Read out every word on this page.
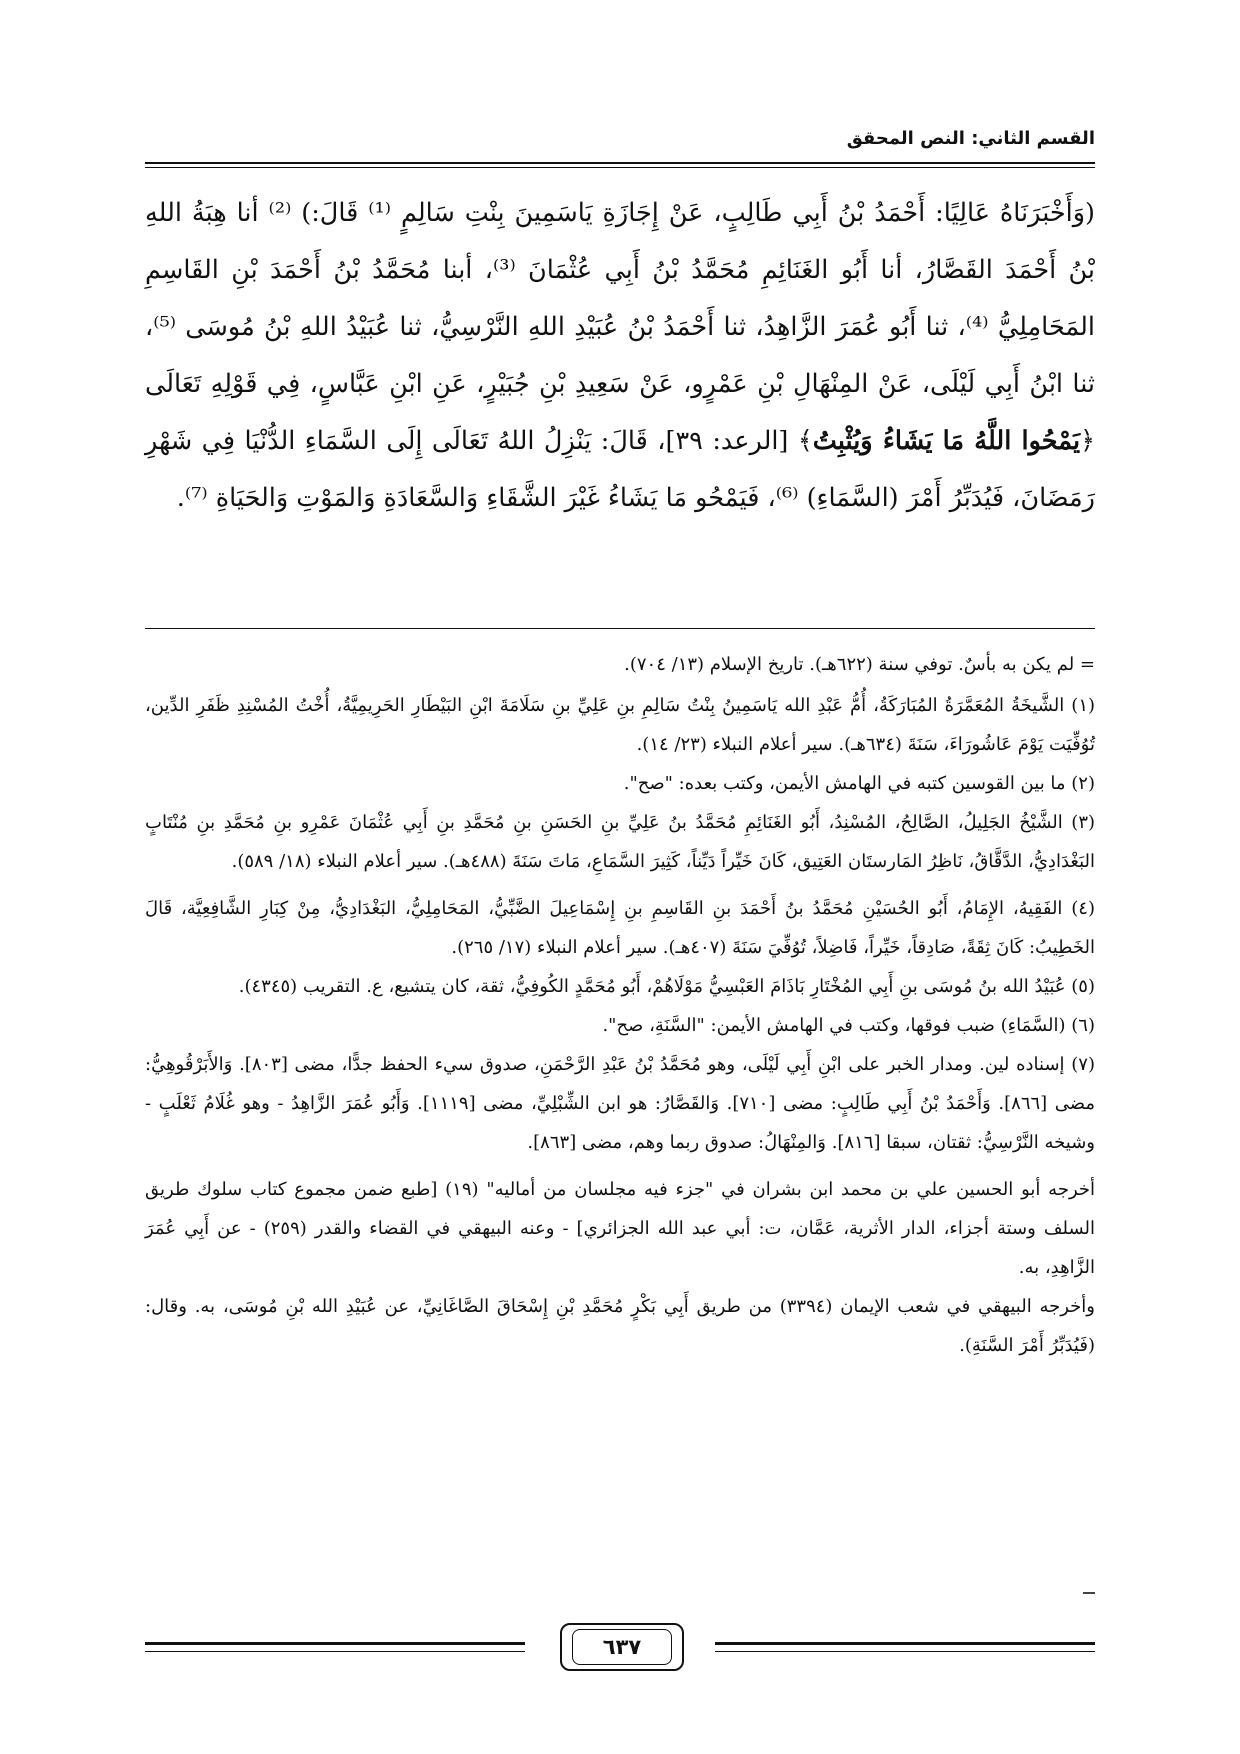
القسم الثاني: النص المحقق

(وَأَخْبَرَنَاهُ عَالِيًا: أَحْمَدُ بْنُ أَبِي طَالِبٍ، عَنْ إِجَازَةِ يَاسَمِينَ بِنْتِ سَالِمٍ ⁽¹⁾ قَالَ:) ⁽²⁾ أنا هِبَةُ اللهِ بْنُ أَحْمَدَ القَصَّارُ، أنا أَبُو الغَنَائِمِ مُحَمَّدُ بْنُ أَبِي عُثْمَانَ ⁽³⁾، أبنا مُحَمَّدُ بْنُ أَحْمَدَ بْنِ القَاسِمِ المَحَامِلِيُّ ⁽⁴⁾، ثنا أَبُو عُمَرَ الزَّاهِدُ، ثنا أَحْمَدُ بْنُ عُبَيْدِ اللهِ النَّرْسِيُّ، ثنا عُبَيْدُ اللهِ بْنُ مُوسَى ⁽⁵⁾، ثنا ابْنُ أَبِي لَيْلَى، عَنْ المِنْهَالِ بْنِ عَمْرٍو، عَنْ سَعِيدِ بْنِ جُبَيْرٍ، عَنِ ابْنِ عَبَّاسٍ، فِي قَوْلِهِ تَعَالَى ﴿يَمْحُوا اللَّهُ مَا يَشَاءُ وَيُثْبِتُ﴾ [الرعد: ٣٩]، قَالَ: يَنْزِلُ اللهُ تَعَالَى إِلَى السَّمَاءِ الدُّنْيَا فِي شَهْرِ رَمَضَانَ، فَيُدَبِّرُ أَمْرَ (السَّمَاءِ) ⁽⁶⁾، فَيَمْحُو مَا يَشَاءُ غَيْرَ الشَّقَاءِ وَالسَّعَادَةِ وَالمَوْتِ وَالحَيَاةِ ⁽⁷⁾.

= لم يكن به بأسٌ. توفي سنة (٦٢٢هـ). تاريخ الإسلام (١٣/ ٧٠٤).

(١) الشَّيخَةُ المُعَمَّرَةُ المُبَارَكَةُ، أُمُّ عَبْدِ الله يَاسَمِينُ بِنْتُ سَالِمِ بنِ عَلِيِّ بنِ سَلَامَةَ ابْنِ البَيْطَارِ الحَرِيمِيَّةُ، أُخْتُ المُسْنِدِ ظَفَرِ الدِّين، تُوُفِّيَت يَوْمَ عَاشُورَاءَ، سَنَةَ (٦٣٤هـ). سير أعلام النبلاء (٢٣/ ١٤).

(٢) ما بين القوسين كتبه في الهامش الأيمن، وكتب بعده: "صح".

(٣) الشَّيْخُ الجَلِيلُ، الصَّالِحُ، المُسْنِدُ، أَبُو الغَنَائِمِ مُحَمَّدُ بنُ عَلِيِّ بنِ الحَسَنِ بنِ مُحَمَّدِ بنِ أَبِي عُثْمَانَ عَمْرِو بنِ مُحَمَّدِ بنِ مُنْتَابٍ البَغْدَادِيُّ، الدَّقَّاقُ، نَاظِرُ المَارستَان العَتِيق، كَانَ خَيِّراً دَيِّناً، كَثِيرَ السَّمَاعِ، مَاتَ سَنَةَ (٤٨٨هـ). سير أعلام النبلاء (١٨/ ٥٨٩).

(٤) الفَقِيهُ، الإِمَامُ، أَبُو الحُسَيْنِ مُحَمَّدُ بنُ أَحْمَدَ بنِ القَاسِمِ بنِ إِسْمَاعِيلَ الضَّبِّيُّ، المَحَامِلِيُّ، البَغْدَادِيُّ، مِنْ كِبَارِ الشَّافِعِيَّة، قَالَ الخَطِيبُ: كَانَ ثِقَةً، صَادِقاً، خَيِّراً، فَاضِلاً، تُوُفِّيَ سَنَةَ (٤٠٧هـ). سير أعلام النبلاء (١٧/ ٢٦٥).

(٥) عُبَيْدُ الله بنُ مُوسَى بنِ أَبِي المُخْتَارِ بَاذَامَ العَبْسِيُّ مَوْلَاهُمْ، أَبُو مُحَمَّدٍ الكُوفِيُّ، ثقة، كان يتشيع، ع. التقريب (٤٣٤٥).

(٦) (السَّمَاءِ) ضبب فوقها، وكتب في الهامش الأيمن: "السَّنَةِ، صح".

(٧) إسناده لين. ومدار الخبر على ابْنِ أَبِي لَيْلَى، وهو مُحَمَّدُ بْنُ عَبْدِ الرَّحْمَنِ، صدوق سيء الحفظ جدًّا، مضى [٨٠٣]. وَالأَبَرْقُوهِيُّ: مضى [٨٦٦]. وَأَحْمَدُ بْنُ أَبِي طَالِبٍ: مضى [٧١٠]. وَالقَصَّارُ: هو ابن الشِّبْلِيِّ، مضى [١١١٩]. وَأَبُو عُمَرَ الزَّاهِدُ - وهو غُلَامُ ثَعْلَبٍ - وشيخه النَّرْسِيُّ: ثقتان، سبقا [٨١٦]. وَالمِنْهَالُ: صدوق ربما وهم، مضى [٨٦٣].

أخرجه أبو الحسين علي بن محمد ابن بشران في "جزء فيه مجلسان من أماليه" (١٩) [طبع ضمن مجموع كتاب سلوك طريق السلف وستة أجزاء، الدار الأثرية، عَمَّان، ت: أبي عبد الله الجزائري] - وعنه البيهقي في القضاء والقدر (٢٥٩) - عن أَبِي عُمَرَ الزَّاهِدِ، به.

وأخرجه البيهقي في شعب الإيمان (٣٣٩٤) من طريق أَبِي بَكْرٍ مُحَمَّدِ بْنِ إِسْحَاقَ الصَّاغَانِيِّ، عن عُبَيْدِ الله بْنِ مُوسَى، به. وقال: (فَيُدَبِّرُ أَمْرَ السَّنَةِ).

٦٣٧
